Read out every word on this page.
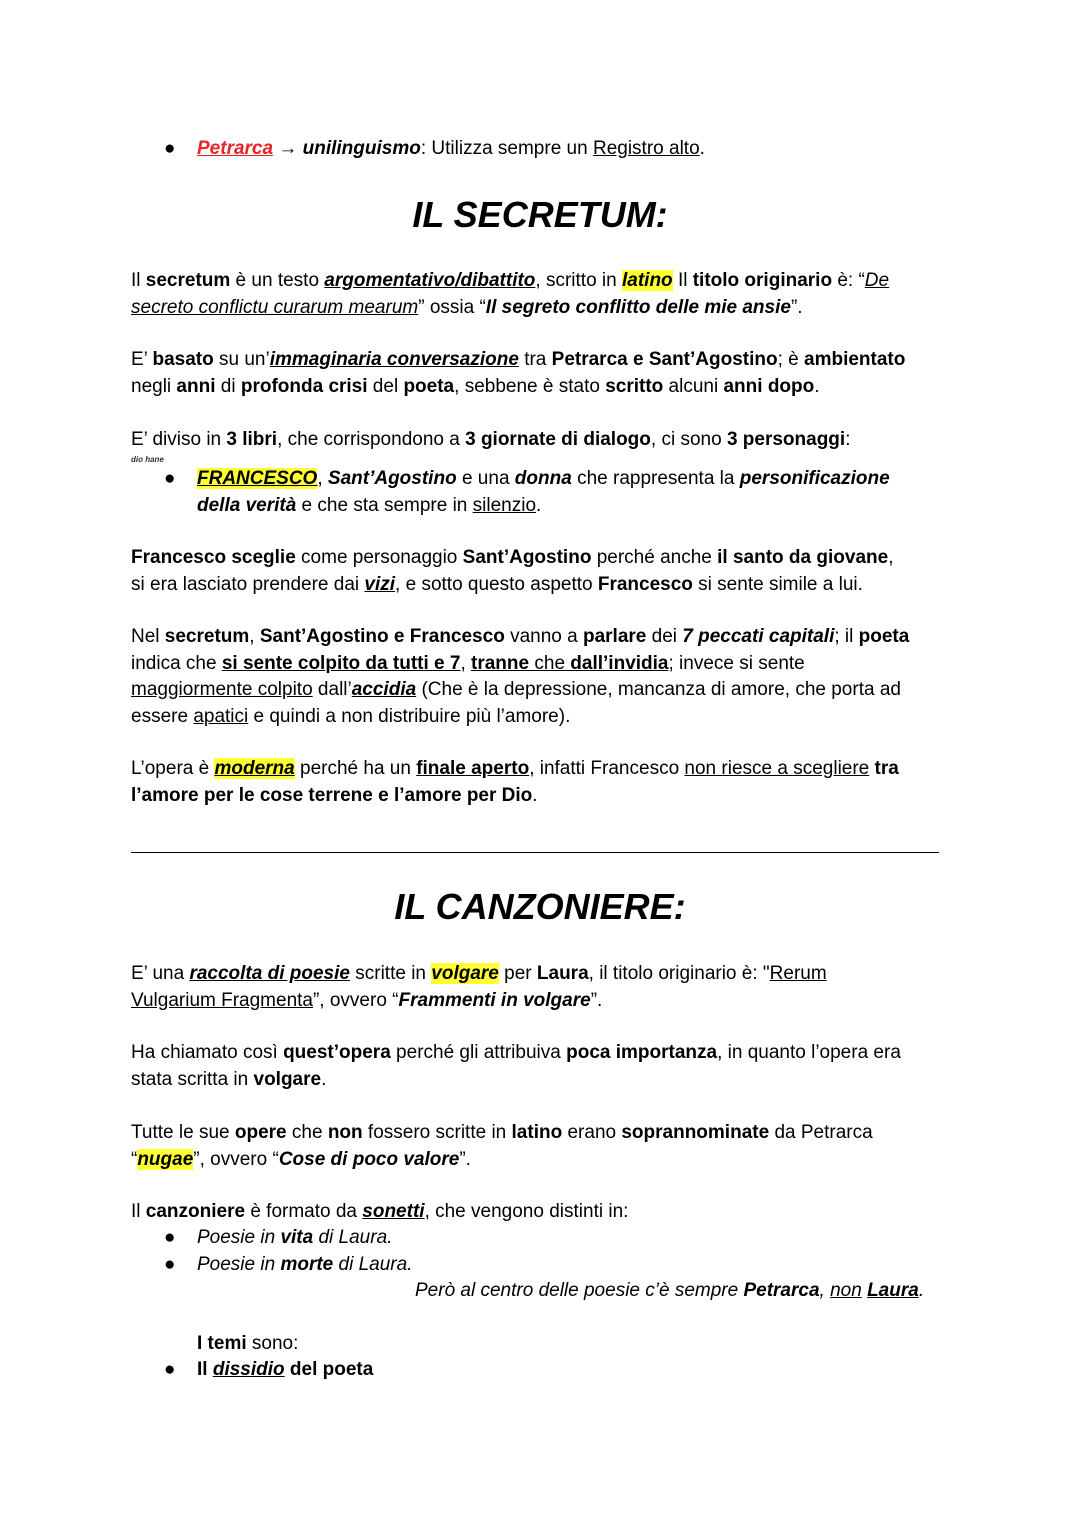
● Petrarca → unilinguismo: Utilizza sempre un Registro alto.
IL SECRETUM:
Il secretum è un testo argomentativo/dibattito, scritto in latino Il titolo originario è: “De
secreto conflictu curarum mearum” ossia “Il segreto conflitto delle mie ansie”.
E’ basato su un’immaginaria conversazione tra Petrarca e Sant’Agostino; è ambientato
negli anni di profonda crisi del poeta, sebbene è stato scritto alcuni anni dopo.
E’ diviso in 3 libri, che corrispondono a 3 giornate di dialogo, ci sono 3 personaggi:
dio hane
● FRANCESCO, Sant’Agostino e una donna che rappresenta la personificazione
della verità e che sta sempre in silenzio.
Francesco sceglie come personaggio Sant’Agostino perché anche il santo da giovane,
si era lasciato prendere dai vizi, e sotto questo aspetto Francesco si sente simile a lui.
Nel secretum, Sant’Agostino e Francesco vanno a parlare dei 7 peccati capitali; il poeta
indica che si sente colpito da tutti e 7, tranne che dall’invidia; invece si sente
maggiormente colpito dall’accidia (Che è la depressione, mancanza di amore, che porta ad
essere apatici e quindi a non distribuire più l’amore).
L’opera è moderna perché ha un finale aperto, infatti Francesco non riesce a scegliere tra
l’amore per le cose terrene e l’amore per Dio.
IL CANZONIERE:
E’ una raccolta di poesie scritte in volgare per Laura, il titolo originario è: "Rerum
Vulgarium Fragmenta”, ovvero “Frammenti in volgare”.
Ha chiamato così quest’opera perché gli attribuiva poca importanza, in quanto l’opera era
stata scritta in volgare.
Tutte le sue opere che non fossero scritte in latino erano soprannominate da Petrarca
“nugae”, ovvero “Cose di poco valore”.
Il canzoniere è formato da sonetti, che vengono distinti in:
● Poesie in vita di Laura.
● Poesie in morte di Laura.
Però al centro delle poesie c’è sempre Petrarca, non Laura.
I temi sono:
● Il dissidio del poeta
